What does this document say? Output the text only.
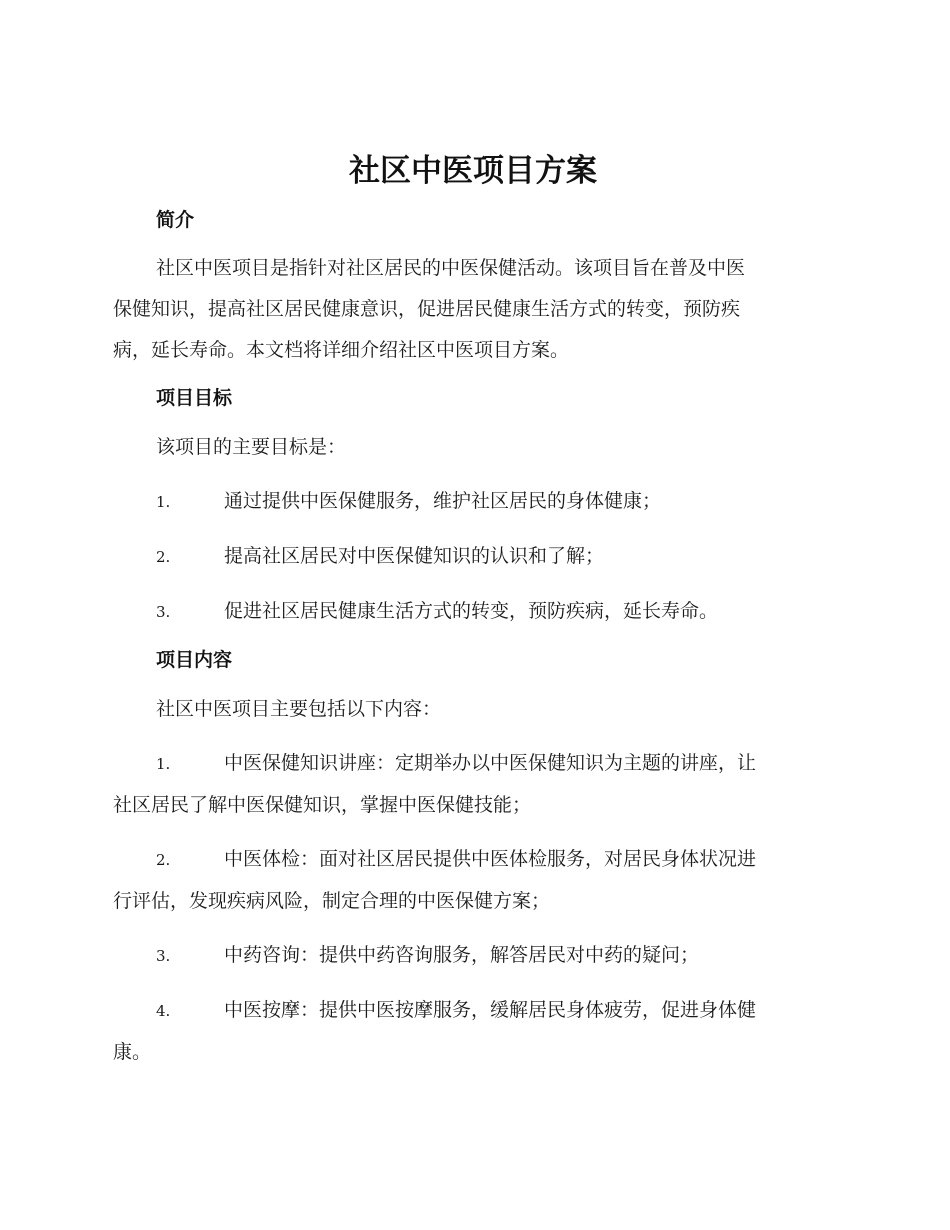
社区中医项目方案
简介

社区中医项目是指针对社区居民的中医保健活动。该项目旨在普及中医
保健知识，提高社区居民健康意识，促进居民健康生活方式的转变，预防疾
病，延长寿命。本文档将详细介绍社区中医项目方案。

项目目标

该项目的主要目标是：

1.	通过提供中医保健服务，维护社区居民的身体健康；

2.	提高社区居民对中医保健知识的认识和了解；

3.	促进社区居民健康生活方式的转变，预防疾病，延长寿命。

项目内容

社区中医项目主要包括以下内容：

1.	中医保健知识讲座：定期举办以中医保健知识为主题的讲座，让
社区居民了解中医保健知识，掌握中医保健技能；

2.	中医体检：面对社区居民提供中医体检服务，对居民身体状况进
行评估，发现疾病风险，制定合理的中医保健方案；

3.	中药咨询：提供中药咨询服务，解答居民对中药的疑问；

4.	中医按摩：提供中医按摩服务，缓解居民身体疲劳，促进身体健
康。
